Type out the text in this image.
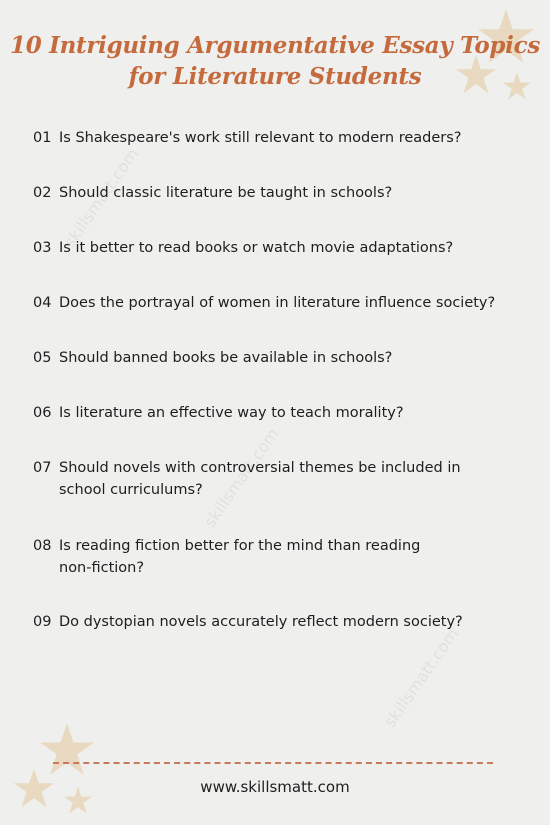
skillsmatt.com
skillsmatt.com
skillsmatt.com
10 Intriguing Argumentative Essay Topics
for Literature Students
01 Is Shakespeare's work still relevant to modern readers?
02 Should classic literature be taught in schools?
03 Is it better to read books or watch movie adaptations?
04 Does the portrayal of women in literature influence society?
05 Should banned books be available in schools?
06 Is literature an effective way to teach morality?
07 Should novels with controversial themes be included in
school curriculums?
08 Is reading fiction better for the mind than reading
non-fiction?
09 Do dystopian novels accurately reflect modern society?
www.skillsmatt.com
